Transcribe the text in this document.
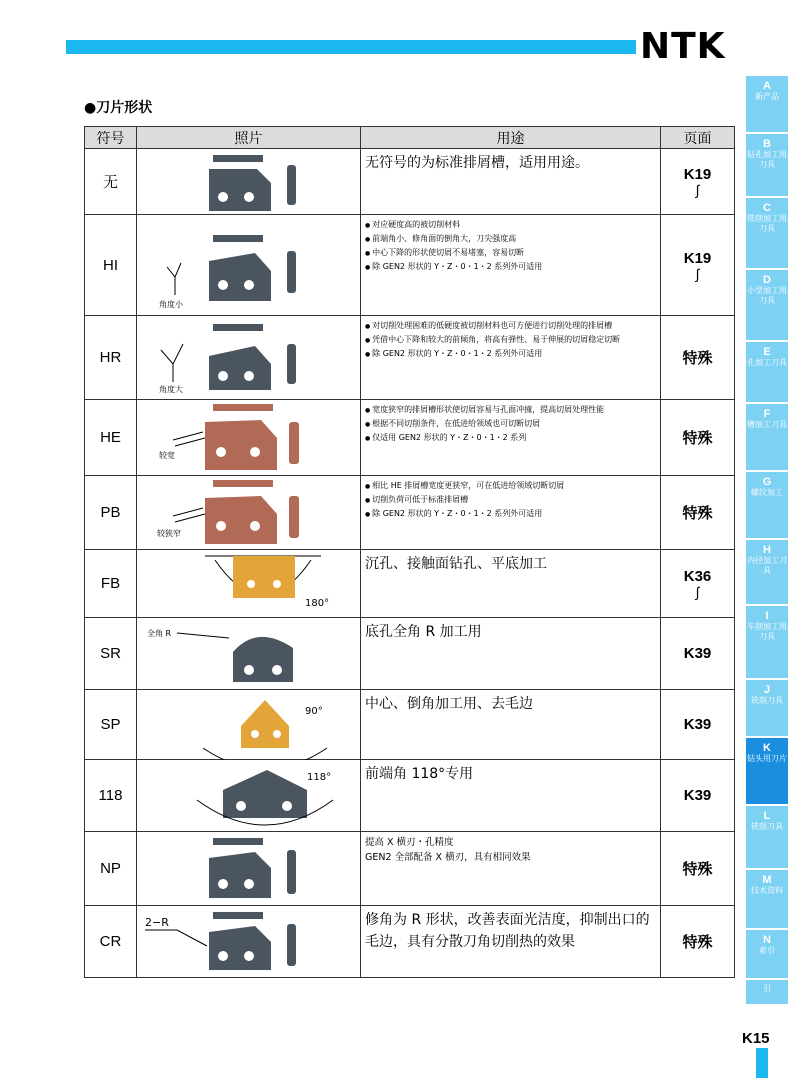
NTK
●刀片形状
符号	照片	用途	页面
无		无符号的为标准排屑槽，适用用途。	K19
∫

HI	角度小	● 对应硬度高的被切削材料
● 前端角小、修角面的倒角大，刀尖强度高
● 中心下降的形状使切屑不易堵塞，容易切断
● 除 GEN2 形状的 Y・Z・0・1・2 系列外可适用	K19
∫

HR	角度大	● 对切削处理困难的低硬度被切削材料也可方便进行切削处理的排屑槽
● 凭借中心下降和较大的前倾角，将高有弹性、易于伸展的切屑稳定切断
● 除 GEN2 形状的 Y・Z・0・1・2 系列外可适用	特殊

HE	较宽	● 宽度狭窄的排屑槽形状使切屑容易与孔面冲撞，提高切屑处理性能
● 根据不同切削条件，在低进给领域也可切断切屑
● 仅适用 GEN2 形状的 Y・Z・0・1・2 系列	特殊

PB	较狭窄	● 相比 HE 排屑槽宽度更狭窄，可在低进给领域切断切屑
● 切削负荷可低于标准排屑槽
● 除 GEN2 形状的 Y・Z・0・1・2 系列外可适用	特殊

FB	180°	沉孔、接触面钻孔、平底加工	K36
∫

SR	全角 R	底孔全角 R 加工用	K39

SP	90°	中心、倒角加工用、去毛边	K39

118	118°	前端角 118°专用	K39

NP		提高 X 横刃・孔精度
GEN2 全部配备 X 横刃，具有相同效果	特殊

CR	2−R	修角为 R 形状，改善表面光洁度，抑制出口的毛边，具有分散刀角切削热的效果	特殊
A
新产品
B
钻孔加工用刀具
C
铣削加工用刀具
D
小型加工用刀具
E
孔加工刀具
F
槽加工刀具
G
螺纹加工
H
内径加工刀具
I
车削加工用刀具
J
铣削刀具
K
钻头用刀片
L
铣削刀具
M
技术资料
N
索引
引
K15
